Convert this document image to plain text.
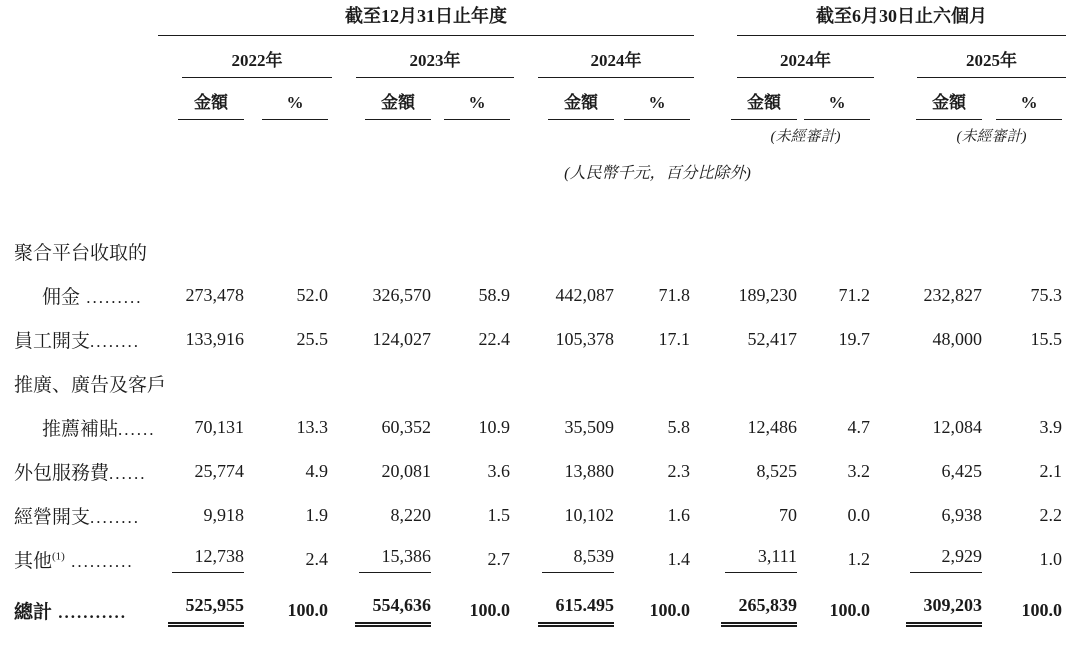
	截至12月31日止年度						截至6月30日止六個月			

	2022年		2023年		2024年		2024年		2025年	

	金額	%	金額	%	金額	%	金額	%	金額	%

							(未經審計)		(未經審計)	
					(人民幣千元，百分比除外)					

聚合平台收取的										
佣金 .........	273,478	52.0	326,570	58.9	442,087	71.8	189,230	71.2	232,827	75.3
員工開支........	133,916	25.5	124,027	22.4	105,378	17.1	52,417	19.7	48,000	15.5
推廣、廣告及客戶										
推薦補貼......	70,131	13.3	60,352	10.9	35,509	5.8	12,486	4.7	12,084	3.9
外包服務費......	25,774	4.9	20,081	3.6	13,880	2.3	8,525	3.2	6,425	2.1
經營開支........	9,918	1.9	8,220	1.5	10,102	1.6	70	0.0	6,938	2.2
其他$^{(1)}$ ..........	12,738	2.4	15,386	2.7	8,539	1.4	3,111	1.2	2,929	1.0
總計 ...........	525,955	100.0	554,636	100.0	615.495	100.0	265,839	100.0	309,203	100.0
